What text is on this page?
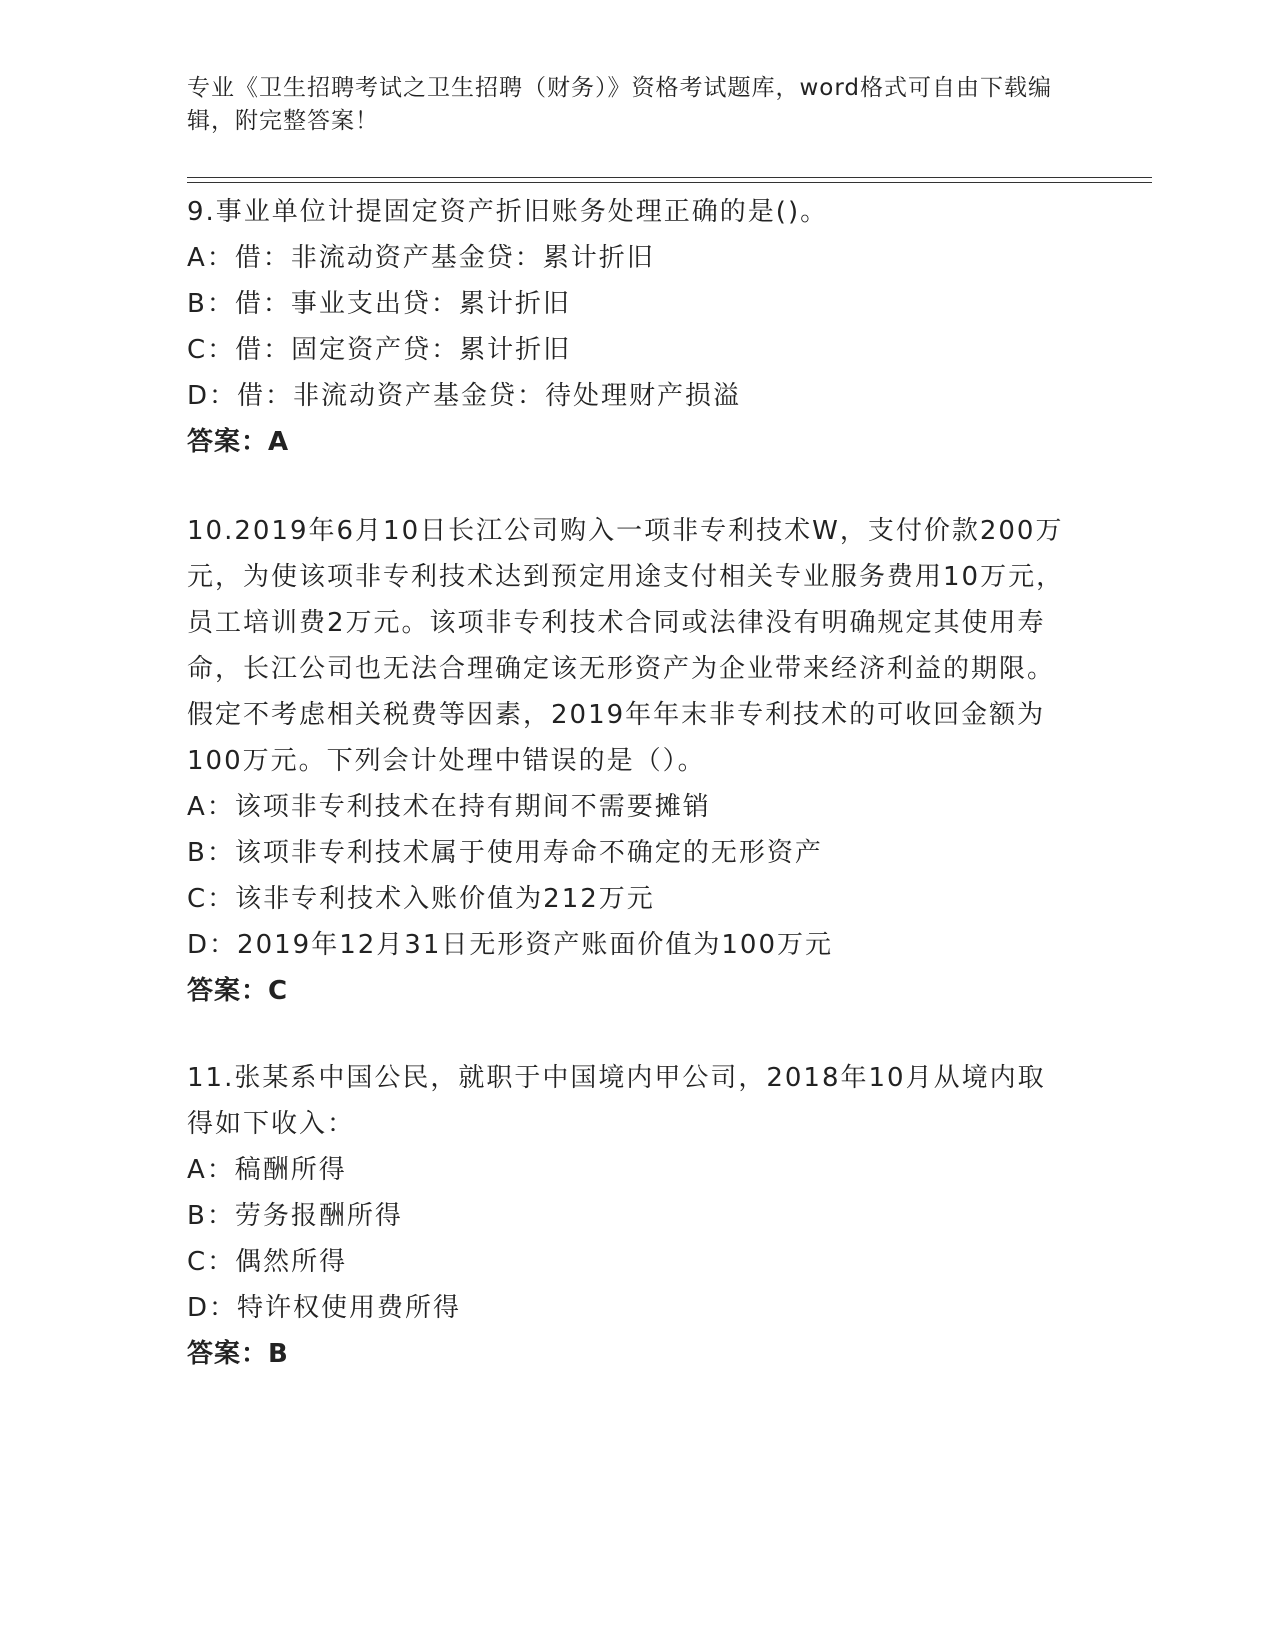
专业《卫生招聘考试之卫生招聘（财务）》资格考试题库，word格式可自由下载编辑，附完整答案！

9.事业单位计提固定资产折旧账务处理正确的是()。

A：借：非流动资产基金贷：累计折旧

B：借：事业支出贷：累计折旧

C：借：固定资产贷：累计折旧

D：借：非流动资产基金贷：待处理财产损溢

答案：A

10.2019年6月10日长江公司购入一项非专利技术W，支付价款200万元，为使该项非专利技术达到预定用途支付相关专业服务费用10万元，员工培训费2万元。该项非专利技术合同或法律没有明确规定其使用寿命，长江公司也无法合理确定该无形资产为企业带来经济利益的期限。假定不考虑相关税费等因素，2019年年末非专利技术的可收回金额为100万元。下列会计处理中错误的是（）。

A：该项非专利技术在持有期间不需要摊销

B：该项非专利技术属于使用寿命不确定的无形资产

C：该非专利技术入账价值为212万元

D：2019年12月31日无形资产账面价值为100万元

答案：C

11.张某系中国公民，就职于中国境内甲公司，2018年10月从境内取得如下收入：

A：稿酬所得

B：劳务报酬所得

C：偶然所得

D：特许权使用费所得

答案：B
